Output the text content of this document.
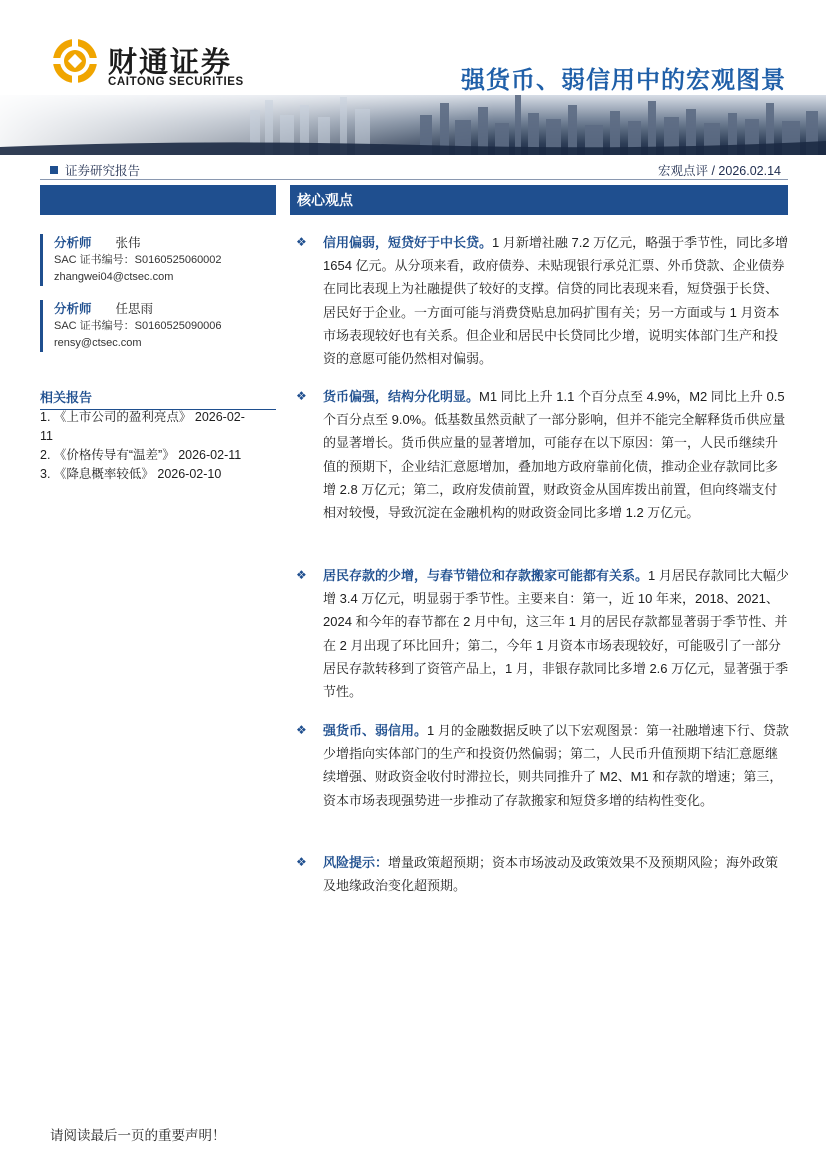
财通证券
CAITONG SECURITIES	强货币、弱信用中的宏观图景
证券研究报告	宏观点评 / 2026.02.14
分析师 张伟
SAC 证书编号：S0160525060002
zhangwei04@ctsec.com
分析师 任思雨
SAC 证书编号：S0160525090006
rensy@ctsec.com
相关报告
1. 《上市公司的盈利亮点》 2026-02-
11
2. 《价格传导有“温差”》 2026-02-11
3. 《降息概率较低》 2026-02-10
核心观点
❖ 信用偏弱，短贷好于中长贷。1 月新增社融 7.2 万亿元，略强于季节性，同比多增 1654 亿元。从分项来看，政府债券、未贴现银行承兑汇票、外币贷款、企业债券在同比表现上为社融提供了较好的支撑。信贷的同比表现来看，短贷强于长贷、居民好于企业。一方面可能与消费贷贴息加码扩围有关；另一方面或与 1 月资本市场表现较好也有关系。但企业和居民中长贷同比少增，说明实体部门生产和投资的意愿可能仍然相对偏弱。
❖ 货币偏强，结构分化明显。M1 同比上升 1.1 个百分点至 4.9%，M2 同比上升 0.5 个百分点至 9.0%。低基数虽然贡献了一部分影响，但并不能完全解释货币供应量的显著增长。货币供应量的显著增加，可能存在以下原因：第一，人民币继续升值的预期下，企业结汇意愿增加，叠加地方政府靠前化债，推动企业存款同比多增 2.8 万亿元；第二，政府发债前置，财政资金从国库拨出前置，但向终端支付相对较慢，导致沉淀在金融机构的财政资金同比多增 1.2 万亿元。
❖ 居民存款的少增，与春节错位和存款搬家可能都有关系。1 月居民存款同比大幅少增 3.4 万亿元，明显弱于季节性。主要来自：第一，近 10 年来，2018、2021、2024 和今年的春节都在 2 月中旬，这三年 1 月的居民存款都显著弱于季节性、并在 2 月出现了环比回升；第二，今年 1 月资本市场表现较好，可能吸引了一部分居民存款转移到了资管产品上，1 月，非银存款同比多增 2.6 万亿元，显著强于季节性。
❖ 强货币、弱信用。1 月的金融数据反映了以下宏观图景：第一社融增速下行、贷款少增指向实体部门的生产和投资仍然偏弱；第二，人民币升值预期下结汇意愿继续增强、财政资金收付时滞拉长，则共同推升了 M2、M1 和存款的增速；第三，资本市场表现强势进一步推动了存款搬家和短贷多增的结构性变化。
❖ 风险提示：增量政策超预期；资本市场波动及政策效果不及预期风险；海外政策及地缘政治变化超预期。
请阅读最后一页的重要声明！
